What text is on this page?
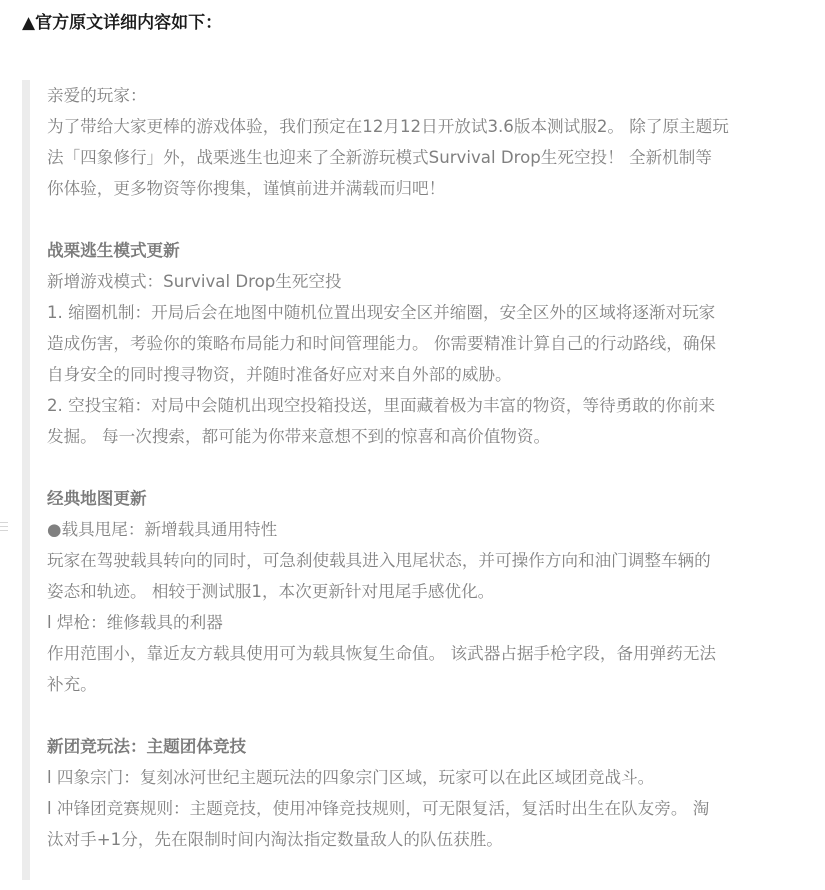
▲官方原文详细内容如下：
亲爱的玩家：
为了带给大家更棒的游戏体验，我们预定在12月12日开放试3.6版本测试服2。 除了原主题玩
法「四象修行」外，战栗逃生也迎来了全新游玩模式Survival Drop生死空投！ 全新机制等
你体验，更多物资等你搜集，谨慎前进并满载而归吧！
战栗逃生模式更新
新增游戏模式：Survival Drop生死空投
1. 缩圈机制：开局后会在地图中随机位置出现安全区并缩圈，安全区外的区域将逐渐对玩家
造成伤害，考验你的策略布局能力和时间管理能力。 你需要精准计算自己的行动路线，确保
自身安全的同时搜寻物资，并随时准备好应对来自外部的威胁。
2. 空投宝箱：对局中会随机出现空投箱投送，里面藏着极为丰富的物资，等待勇敢的你前来
发掘。 每一次搜索，都可能为你带来意想不到的惊喜和高价值物资。
经典地图更新
●载具甩尾：新增载具通用特性
玩家在驾驶载具转向的同时，可急刹使载具进入甩尾状态，并可操作方向和油门调整车辆的
姿态和轨迹。 相较于测试服1，本次更新针对甩尾手感优化。
l 焊枪：维修载具的利器
作用范围小，靠近友方载具使用可为载具恢复生命值。 该武器占据手枪字段，备用弹药无法
补充。
新团竞玩法：主题团体竞技
l 四象宗门：复刻冰河世纪主题玩法的四象宗门区域，玩家可以在此区域团竞战斗。
l 冲锋团竞赛规则：主题竞技，使用冲锋竞技规则，可无限复活，复活时出生在队友旁。 淘
汰对手+1分，先在限制时间内淘汰指定数量敌人的队伍获胜。
